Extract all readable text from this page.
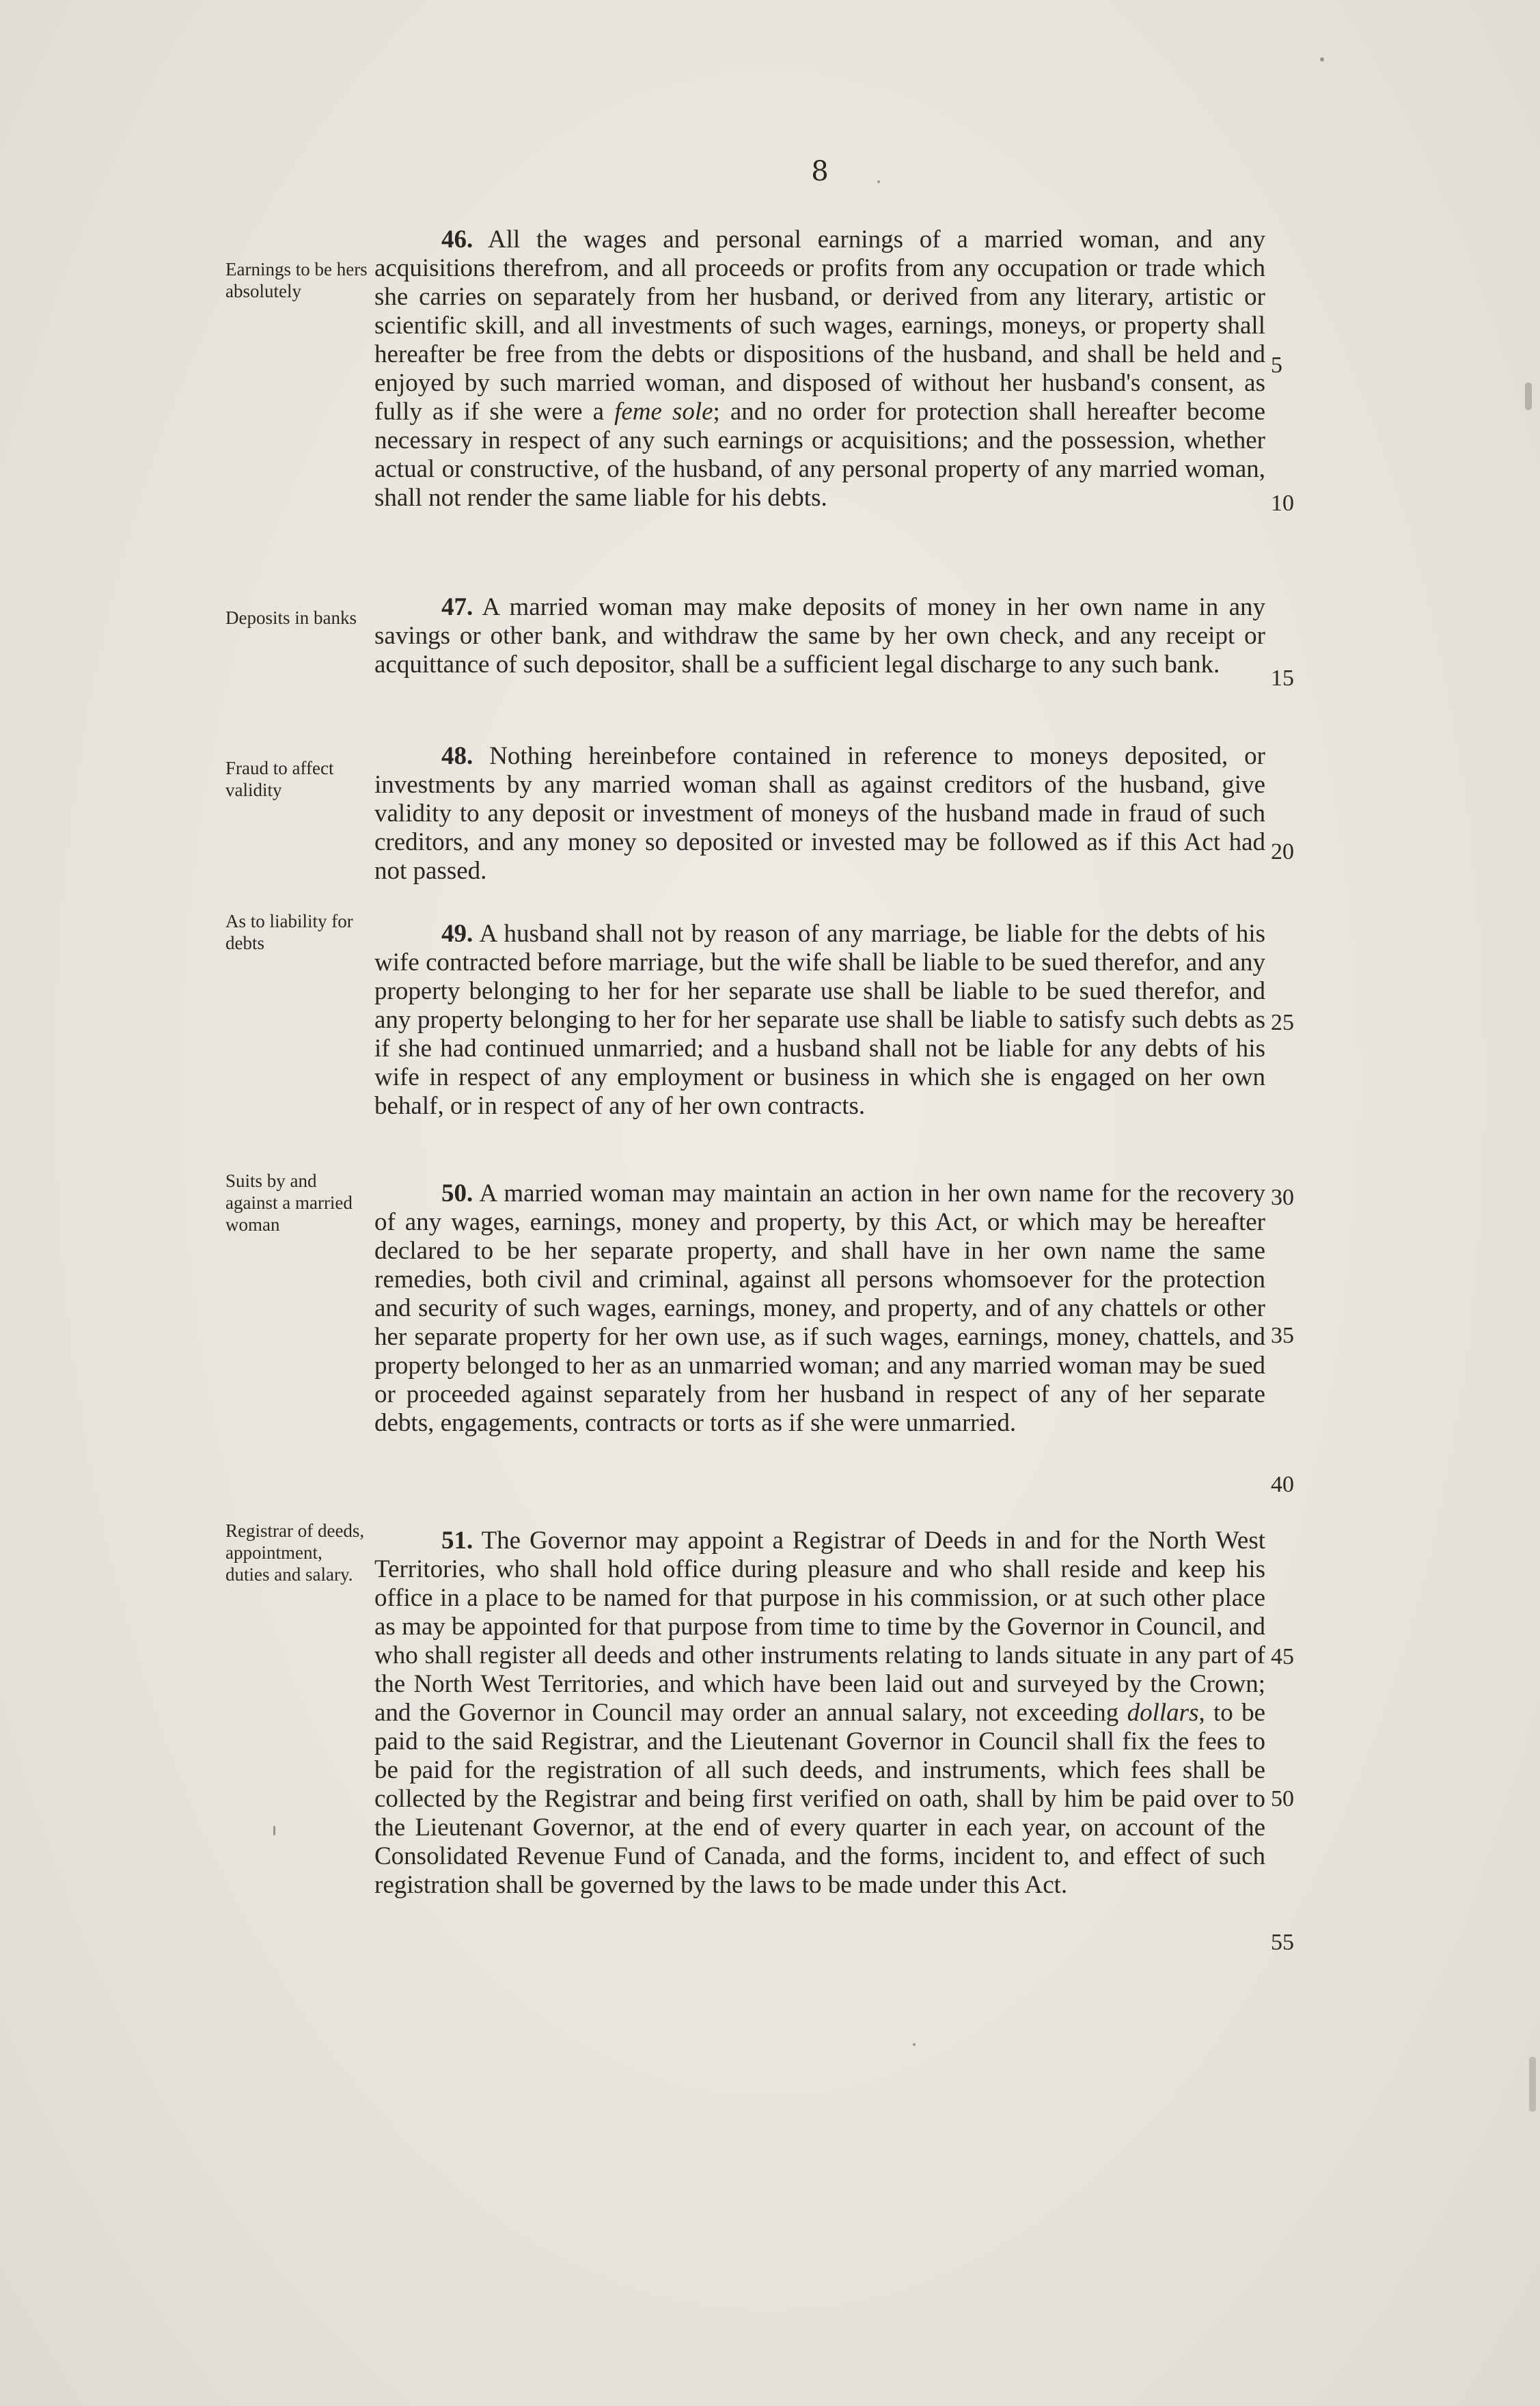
8
Earnings to be hers absolutely

46. All the wages and personal earnings of a married woman, and any acquisitions therefrom, and all proceeds or profits from any occupation or trade which she carries on separately from her husband, or derived from any literary, artistic or scientific skill, and all investments of such wages, earnings, moneys, or property shall hereafter be free from the debts or dispositions of the husband, and shall be held and enjoyed by such married woman, and disposed of without her husband's consent, as fully as if she were a feme sole; and no order for protection shall hereafter become necessary in respect of any such earnings or acquisitions; and the possession, whether actual or constructive, of the husband, of any personal property of any married woman, shall not render the same liable for his debts.

Deposits in banks	47. A married woman may make deposits of money in her own name in any savings or other bank, and withdraw the same by her own check, and any receipt or acquittance of such depositor, shall be a sufficient legal discharge to any such bank.

Fraud to affect validity

48. Nothing hereinbefore contained in reference to moneys deposited, or investments by any married woman shall as against creditors of the husband, give validity to any deposit or investment of moneys of the husband made in fraud of such creditors, and any money so deposited or invested may be followed as if this Act had not passed.

As to liability for debts	49. A husband shall not by reason of any marriage, be liable for the debts of his wife contracted before marriage, but the wife shall be liable to be sued therefor, and any property belonging to her for her separate use shall be liable to be sued therefor, and any property belonging to her for her separate use shall be liable to satisfy such debts as if she had continued unmarried; and a husband shall not be liable for any debts of his wife in respect of any employment or business in which she is engaged on her own behalf, or in respect of any of her own contracts.

Suits by and against a married woman

50. A married woman may maintain an action in her own name for the recovery of any wages, earnings, money and property, by this Act, or which may be hereafter declared to be her separate property, and shall have in her own name the same remedies, both civil and criminal, against all persons whomsoever for the protection and security of such wages, earnings, money, and property, and of any chattels or other her separate property for her own use, as if such wages, earnings, money, chattels, and property belonged to her as an unmarried woman; and any married woman may be sued or proceeded against separately from her husband in respect of any of her separate debts, engagements, contracts or torts as if she were unmarried.

Registrar of deeds, appointment, duties and salary.

51. The Governor may appoint a Registrar of Deeds in and for the North West Territories, who shall hold office during pleasure and who shall reside and keep his office in a place to be named for that purpose in his commission, or at such other place as may be appointed for that purpose from time to time by the Governor in Council, and who shall register all deeds and other instruments relating to lands situate in any part of the North West Territories, and which have been laid out and surveyed by the Crown; and the Governor in Council may order an annual salary, not exceeding dollars, to be paid to the said Registrar, and the Lieutenant Governor in Council shall fix the fees to be paid for the registration of all such deeds, and instruments, which fees shall be collected by the Registrar and being first verified on oath, shall by him be paid over to the Lieutenant Governor, at the end of every quarter in each year, on account of the Consolidated Revenue Fund of Canada, and the forms, incident to, and effect of such registration shall be governed by the laws to be made under this Act.

5
10
15
20
25
30
35
40
45
50
55
